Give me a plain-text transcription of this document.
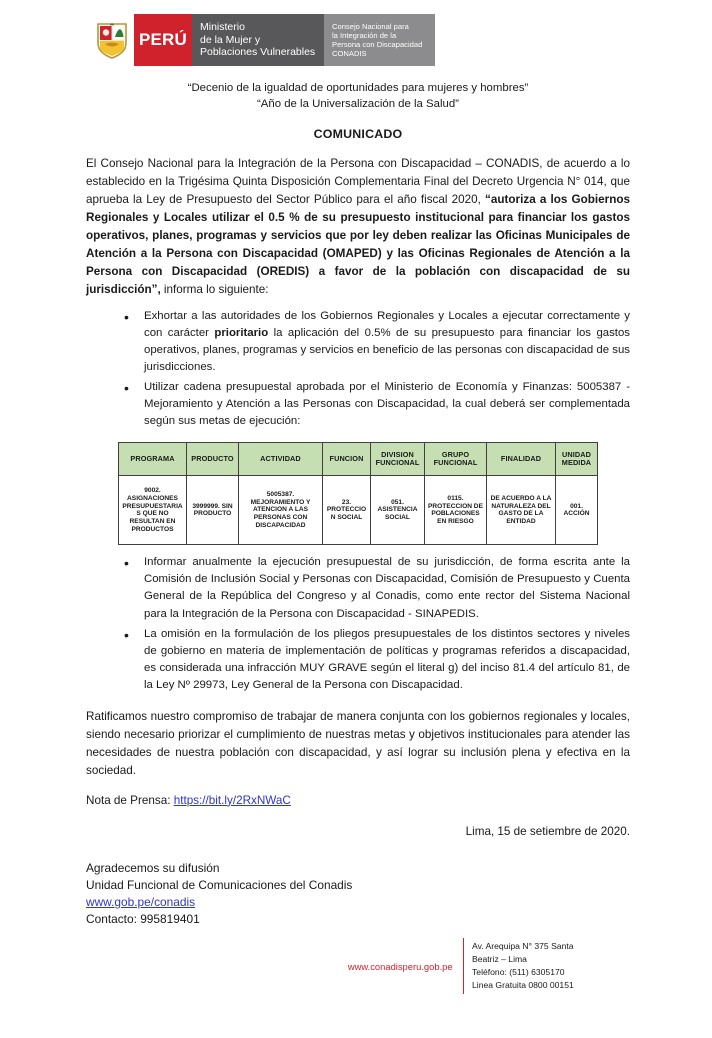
PERÚ
Ministerio
de la Mujer y
Poblaciones Vulnerables
Consejo Nacional para
la Integración de la
Persona con Discapacidad
CONADIS
“Decenio de la igualdad de oportunidades para mujeres y hombres”
“Año de la Universalización de la Salud”
COMUNICADO

El Consejo Nacional para la Integración de la Persona con Discapacidad – CONADIS, de acuerdo a lo establecido en la Trigésima Quinta Disposición Complementaria Final del Decreto Urgencia N° 014, que aprueba la Ley de Presupuesto del Sector Público para el año fiscal 2020, “autoriza a los Gobiernos Regionales y Locales utilizar el 0.5 % de su presupuesto institucional para financiar los gastos operativos, planes, programas y servicios que por ley deben realizar las Oficinas Municipales de Atención a la Persona con Discapacidad (OMAPED) y las Oficinas Regionales de Atención a la Persona con Discapacidad (OREDIS) a favor de la población con discapacidad de su jurisdicción”, informa lo siguiente:

• Exhortar a las autoridades de los Gobiernos Regionales y Locales a ejecutar correctamente y con carácter prioritario la aplicación del 0.5% de su presupuesto para financiar los gastos operativos, planes, programas y servicios en beneficio de las personas con discapacidad de sus jurisdicciones.
• Utilizar cadena presupuestal aprobada por el Ministerio de Economía y Finanzas: 5005387 - Mejoramiento y Atención a las Personas con Discapacidad, la cual deberá ser complementada según sus metas de ejecución:
PROGRAMA	PRODUCTO	ACTIVIDAD	FUNCION	DIVISION FUNCIONAL	GRUPO FUNCIONAL	FINALIDAD	UNIDAD MEDIDA
9002. ASIGNACIONES PRESUPUESTARIAS QUE NO RESULTAN EN PRODUCTOS	3999999. SIN PRODUCTO	5005387. MEJORAMIENTO Y ATENCION A LAS PERSONAS CON DISCAPACIDAD	23. PROTECCION SOCIAL	051. ASISTENCIA SOCIAL	0115. PROTECCION DE POBLACIONES EN RIESGO	DE ACUERDO A LA NATURALEZA DEL GASTO DE LA ENTIDAD	001. ACCIÓN
• Informar anualmente la ejecución presupuestal de su jurisdicción, de forma escrita ante la Comisión de Inclusión Social y Personas con Discapacidad, Comisión de Presupuesto y Cuenta General de la República del Congreso y al Conadis, como ente rector del Sistema Nacional para la Integración de la Persona con Discapacidad - SINAPEDIS.
• La omisión en la formulación de los pliegos presupuestales de los distintos sectores y niveles de gobierno en materia de implementación de políticas y programas referidos a discapacidad, es considerada una infracción MUY GRAVE según el literal g) del inciso 81.4 del artículo 81, de la Ley Nº 29973, Ley General de la Persona con Discapacidad.

Ratificamos nuestro compromiso de trabajar de manera conjunta con los gobiernos regionales y locales, siendo necesario priorizar el cumplimiento de nuestras metas y objetivos institucionales para atender las necesidades de nuestra población con discapacidad, y así lograr su inclusión plena y efectiva en la sociedad.

Nota de Prensa: https://bit.ly/2RxNWaC
Lima, 15 de setiembre de 2020.
Agradecemos su difusión
Unidad Funcional de Comunicaciones del Conadis
www.gob.pe/conadis
Contacto: 995819401
www.conadisperu.gob.pe
Av. Arequipa N° 375 Santa
Beatriz – Lima
Teléfono: (511) 6305170
Linea Gratuita 0800 00151
